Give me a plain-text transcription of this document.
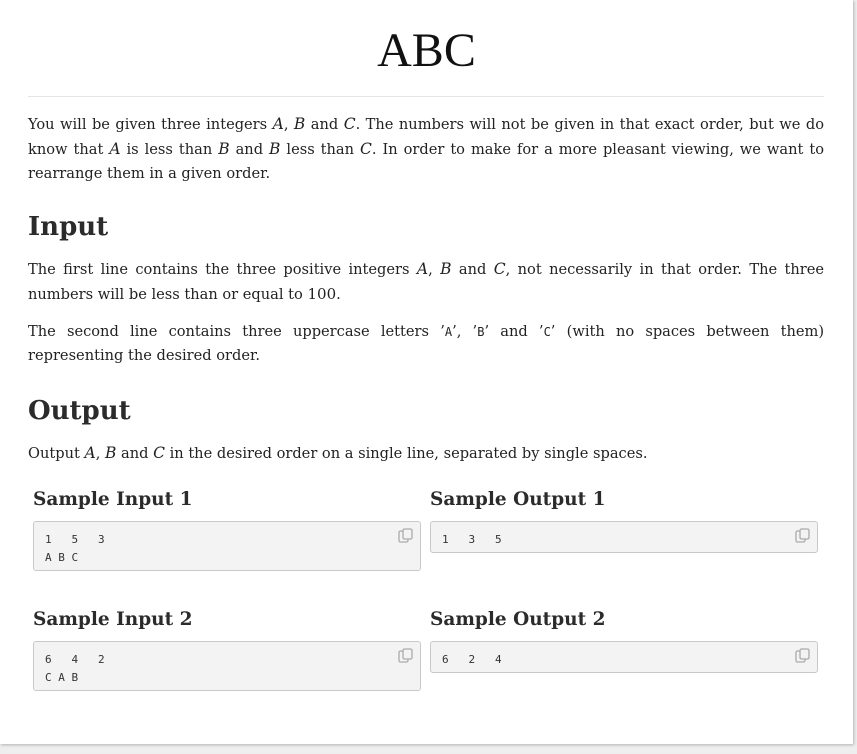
ABC
You will be given three integers A, B and C. The numbers will not be given in that exact order, but we do know that A is less than B and B less than C. In order to make for a more pleasant viewing, we want to rearrange them in a given order.
Input
The first line contains the three positive integers A, B and C, not necessarily in that order. The three numbers will be less than or equal to 100.
The second line contains three uppercase letters ’A’, ’B’ and ’C’ (with no spaces between them) representing the desired order.
Output
Output A, B and C in the desired order on a single line, separated by single spaces.
Sample Input 1	Sample Output 1
1   5   3
A B C
1   3   5
Sample Input 2	Sample Output 2
6   4   2
C A B
6   2   4
